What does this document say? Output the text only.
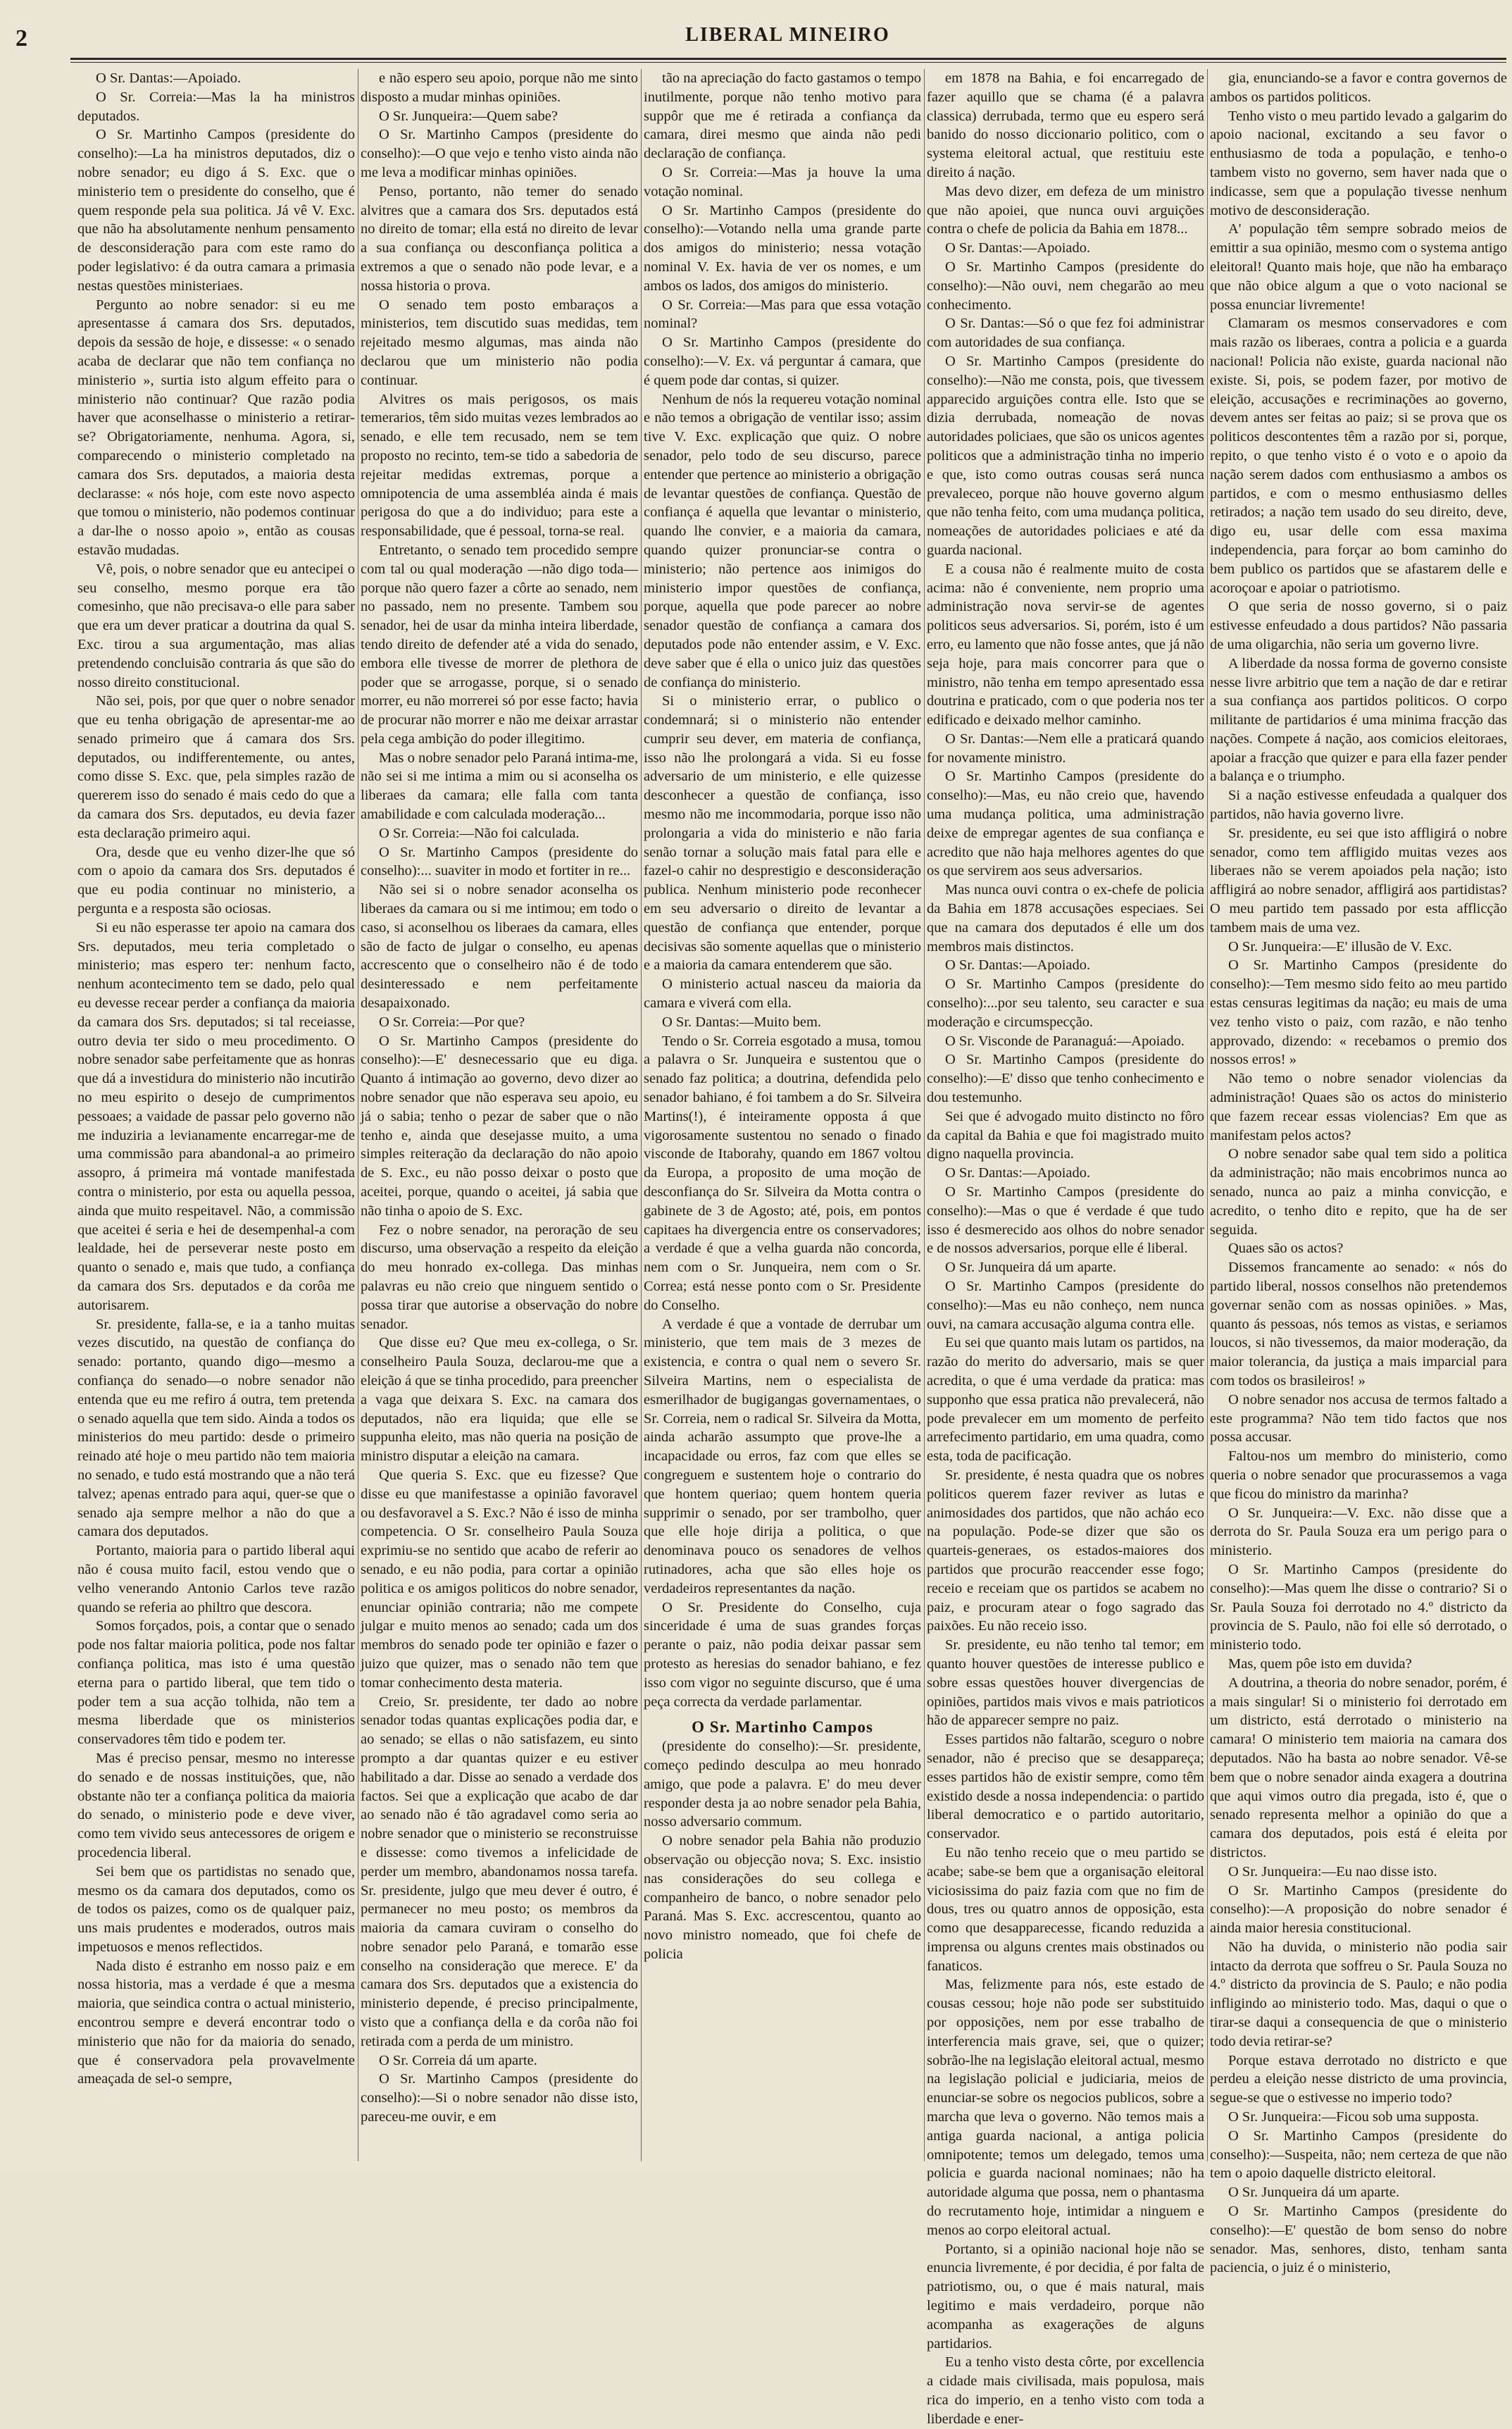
2	LIBERAL MINEIRO

O Sr. Dantas:—Apoiado.

O Sr. Correia:—Mas la ha ministros deputados.

O Sr. Martinho Campos (presidente do conselho):—La ha ministros deputados, diz o nobre senador; eu digo á S. Exc. que o ministerio tem o presidente do conselho, que é quem responde pela sua politica. Já vê V. Exc. que não ha absolutamente nenhum pensamento de desconsideração para com este ramo do poder legislativo: é da outra camara a primasia nestas questões ministeriaes.

Pergunto ao nobre senador: si eu me apresentasse á camara dos Srs. deputados, depois da sessão de hoje, e dissesse: « o senado acaba de declarar que não tem confiança no ministerio », surtia isto algum effeito para o ministerio não continuar? Que razão podia haver que aconselhasse o ministerio a retirar-se? Obrigatoriamente, nenhuma. Agora, si, comparecendo o ministerio completado na camara dos Srs. deputados, a maioria desta declarasse: « nós hoje, com este novo aspecto que tomou o ministerio, não podemos continuar a dar-lhe o nosso apoio », então as cousas estavão mudadas.

Vê, pois, o nobre senador que eu antecipei o seu conselho, mesmo porque era tão comesinho, que não precisava-o elle para saber que era um dever praticar a doutrina da qual S. Exc. tirou a sua argumentação, mas alias pretendendo concluisão contraria ás que são do nosso direito constitucional.

Não sei, pois, por que quer o nobre senador que eu tenha obrigação de apresentar-me ao senado primeiro que á camara dos Srs. deputados, ou indifferentemente, ou antes, como disse S. Exc. que, pela simples razão de quererem isso do senado é mais cedo do que a da camara dos Srs. deputados, eu devia fazer esta declaração primeiro aqui.

Ora, desde que eu venho dizer-lhe que só com o apoio da camara dos Srs. deputados é que eu podia continuar no ministerio, a pergunta e a resposta são ociosas.

Si eu não esperasse ter apoio na camara dos Srs. deputados, meu teria completado o ministerio; mas espero ter: nenhum facto, nenhum acontecimento tem se dado, pelo qual eu devesse recear perder a confiança da maioria da camara dos Srs. deputados; si tal receiasse, outro devia ter sido o meu procedimento. O nobre senador sabe perfeitamente que as honras que dá a investidura do ministerio não incutirão no meu espirito o desejo de cumprimentos pessoaes; a vaidade de passar pelo governo não me induziria a levianamente encarregar-me de uma commissão para abandonal-a ao primeiro assopro, á primeira má vontade manifestada contra o ministerio, por esta ou aquella pessoa, ainda que muito respeitavel. Não, a commissão que aceitei é seria e hei de desempenhal-a com lealdade, hei de perseverar neste posto em quanto o senado e, mais que tudo, a confiança da camara dos Srs. deputados e da corôa me autorisarem.

Sr. presidente, falla-se, e ia a tanho muitas vezes discutido, na questão de confiança do senado: portanto, quando digo—mesmo a confiança do senado—o nobre senador não entenda que eu me refiro á outra, tem pretenda o senado aquella que tem sido. Ainda a todos os ministerios do meu partido: desde o primeiro reinado até hoje o meu partido não tem maioria no senado, e tudo está mostrando que a não terá talvez; apenas entrado para aqui, quer-se que o senado aja sempre melhor a não do que a camara dos deputados.

Portanto, maioria para o partido liberal aqui não é cousa muito facil, estou vendo que o velho venerando Antonio Carlos teve razão quando se referia ao philtro que descora.

Somos forçados, pois, a contar que o senado pode nos faltar maioria politica, pode nos faltar confiança politica, mas isto é uma questão eterna para o partido liberal, que tem tido o poder tem a sua acção tolhida, não tem a mesma liberdade que os ministerios conservadores têm tido e podem ter.

Mas é preciso pensar, mesmo no interesse do senado e de nossas instituições, que, não obstante não ter a confiança politica da maioria do senado, o ministerio pode e deve viver, como tem vivido seus antecessores de origem e procedencia liberal.

Sei bem que os partidistas no senado que, mesmo os da camara dos deputados, como os de todos os paizes, como os de qualquer paiz, uns mais prudentes e moderados, outros mais impetuosos e menos reflectidos.

Nada disto é estranho em nosso paiz e em nossa historia, mas a verdade é que a mesma maioria, que seindica contra o actual ministerio, encontrou sempre e deverá encontrar todo o ministerio que não for da maioria do senado, que é conservadora pela provavelmente ameaçada de sel-o sempre,

e não espero seu apoio, porque não me sinto disposto a mudar minhas opiniões.

O Sr. Junqueira:—Quem sabe?

O Sr. Martinho Campos (presidente do conselho):—O que vejo e tenho visto ainda não me leva a modificar minhas opiniões.

Penso, portanto, não temer do senado alvitres que a camara dos Srs. deputados está no direito de tomar; ella está no direito de levar a sua confiança ou desconfiança politica a extremos a que o senado não pode levar, e a nossa historia o prova.

O senado tem posto embaraços a ministerios, tem discutido suas medidas, tem rejeitado mesmo algumas, mas ainda não declarou que um ministerio não podia continuar.

Alvitres os mais perigosos, os mais temerarios, têm sido muitas vezes lembrados ao senado, e elle tem recusado, nem se tem proposto no recinto, tem-se tido a sabedoria de rejeitar medidas extremas, porque a omnipotencia de uma assembléa ainda é mais perigosa do que a do individuo; para este a responsabilidade, que é pessoal, torna-se real.

Entretanto, o senado tem procedido sempre com tal ou qual moderação —não digo toda—porque não quero fazer a côrte ao senado, nem no passado, nem no presente. Tambem sou senador, hei de usar da minha inteira liberdade, tendo direito de defender até a vida do senado, embora elle tivesse de morrer de plethora de poder que se arrogasse, porque, si o senado morrer, eu não morrerei só por esse facto; havia de procurar não morrer e não me deixar arrastar pela cega ambição do poder illegitimo.

Mas o nobre senador pelo Paraná intima-me, não sei si me intima a mim ou si aconselha os liberaes da camara; elle falla com tanta amabilidade e com calculada moderação...

O Sr. Correia:—Não foi calculada.

O Sr. Martinho Campos (presidente do conselho):... suaviter in modo et fortiter in re...

Não sei si o nobre senador aconselha os liberaes da camara ou si me intimou; em todo o caso, si aconselhou os liberaes da camara, elles são de facto de julgar o conselho, eu apenas accrescento que o conselheiro não é de todo desinteressado e nem perfeitamente desapaixonado.

O Sr. Correia:—Por que?

O Sr. Martinho Campos (presidente do conselho):—E' desnecessario que eu diga. Quanto á intimação ao governo, devo dizer ao nobre senador que não esperava seu apoio, eu já o sabia; tenho o pezar de saber que o não tenho e, ainda que desejasse muito, a uma simples reiteração da declaração do não apoio de S. Exc., eu não posso deixar o posto que aceitei, porque, quando o aceitei, já sabia que não tinha o apoio de S. Exc.

Fez o nobre senador, na peroração de seu discurso, uma observação a respeito da eleição do meu honrado ex-collega. Das minhas palavras eu não creio que ninguem sentido o possa tirar que autorise a observação do nobre senador.

Que disse eu? Que meu ex-collega, o Sr. conselheiro Paula Souza, declarou-me que a eleição á que se tinha procedido, para preencher a vaga que deixara S. Exc. na camara dos deputados, não era liquida; que elle se suppunha eleito, mas não queria na posição de ministro disputar a eleição na camara.

Que queria S. Exc. que eu fizesse? Que disse eu que manifestasse a opinião favoravel ou desfavoravel a S. Exc.? Não é isso de minha competencia. O Sr. conselheiro Paula Souza exprimiu-se no sentido que acabo de referir ao senado, e eu não podia, para cortar a opinião politica e os amigos politicos do nobre senador, enunciar opinião contraria; não me compete julgar e muito menos ao senado; cada um dos membros do senado pode ter opinião e fazer o juizo que quizer, mas o senado não tem que tomar conhecimento desta materia.

Creio, Sr. presidente, ter dado ao nobre senador todas quantas explicações podia dar, e ao senado; se ellas o não satisfazem, eu sinto prompto a dar quantas quizer e eu estiver habilitado a dar. Disse ao senado a verdade dos factos. Sei que a explicação que acabo de dar ao senado não é tão agradavel como seria ao nobre senador que o ministerio se reconstruisse e dissesse: como tivemos a infelicidade de perder um membro, abandonamos nossa tarefa. Sr. presidente, julgo que meu dever é outro, é permanecer no meu posto; os membros da maioria da camara cuviram o conselho do nobre senador pelo Paraná, e tomarão esse conselho na consideração que merece. E' da camara dos Srs. deputados que a existencia do ministerio depende, é preciso principalmente, visto que a confiança della e da corôa não foi retirada com a perda de um ministro.

O Sr. Correia dá um aparte.

O Sr. Martinho Campos (presidente do conselho):—Si o nobre senador não disse isto, pareceu-me ouvir, e em

tão na apreciação do facto gastamos o tempo inutilmente, porque não tenho motivo para suppôr que me é retirada a confiança da camara, direi mesmo que ainda não pedi declaração de confiança.

O Sr. Correia:—Mas ja houve la uma votação nominal.

O Sr. Martinho Campos (presidente do conselho):—Votando nella uma grande parte dos amigos do ministerio; nessa votação nominal V. Ex. havia de ver os nomes, e um ambos os lados, dos amigos do ministerio.

O Sr. Correia:—Mas para que essa votação nominal?

O Sr. Martinho Campos (presidente do conselho):—V. Ex. vá perguntar á camara, que é quem pode dar contas, si quizer.

Nenhum de nós la requereu votação nominal e não temos a obrigação de ventilar isso; assim tive V. Exc. explicação que quiz. O nobre senador, pelo todo de seu discurso, parece entender que pertence ao ministerio a obrigação de levantar questões de confiança. Questão de confiança é aquella que levantar o ministerio, quando lhe convier, e a maioria da camara, quando quizer pronunciar-se contra o ministerio; não pertence aos inimigos do ministerio impor questões de confiança, porque, aquella que pode parecer ao nobre senador questão de confiança a camara dos deputados pode não entender assim, e V. Exc. deve saber que é ella o unico juiz das questões de confiança do ministerio.

Si o ministerio errar, o publico o condemnará; si o ministerio não entender cumprir seu dever, em materia de confiança, isso não lhe prolongará a vida. Si eu fosse adversario de um ministerio, e elle quizesse desconhecer a questão de confiança, isso mesmo não me incommodaria, porque isso não prolongaria a vida do ministerio e não faria senão tornar a solução mais fatal para elle e fazel-o cahir no desprestigio e desconsideração publica. Nenhum ministerio pode reconhecer em seu adversario o direito de levantar a questão de confiança que entender, porque decisivas são somente aquellas que o ministerio e a maioria da camara entenderem que são.

O ministerio actual nasceu da maioria da camara e viverá com ella.

O Sr. Dantas:—Muito bem.

Tendo o Sr. Correia esgotado a musa, tomou a palavra o Sr. Junqueira e sustentou que o senado faz politica; a doutrina, defendida pelo senador bahiano, é foi tambem a do Sr. Silveira Martins(!), é inteiramente opposta á que vigorosamente sustentou no senado o finado visconde de Itaborahy, quando em 1867 voltou da Europa, a proposito de uma moção de desconfiança do Sr. Silveira da Motta contra o gabinete de 3 de Agosto; até, pois, em pontos capitaes ha divergencia entre os conservadores; a verdade é que a velha guarda não concorda, nem com o Sr. Junqueira, nem com o Sr. Correa; está nesse ponto com o Sr. Presidente do Conselho.

A verdade é que a vontade de derrubar um ministerio, que tem mais de 3 mezes de existencia, e contra o qual nem o severo Sr. Silveira Martins, nem o especialista de esmerilhador de bugigangas governamentaes, o Sr. Correia, nem o radical Sr. Silveira da Motta, ainda acharão assumpto que prove-lhe a incapacidade ou erros, faz com que elles se congreguem e sustentem hoje o contrario do que hontem queriao; quem hontem queria supprimir o senado, por ser trambolho, quer que elle hoje dirija a politica, o que denominava pouco os senadores de velhos rutinadores, acha que são elles hoje os verdadeiros representantes da nação.

O Sr. Presidente do Conselho, cuja sinceridade é uma de suas grandes forças perante o paiz, não podia deixar passar sem protesto as heresias do senador bahiano, e fez isso com vigor no seguinte discurso, que é uma peça correcta da verdade parlamentar.

O Sr. Martinho Campos

(presidente do conselho):—Sr. presidente, começo pedindo desculpa ao meu honrado amigo, que pode a palavra. E' do meu dever responder desta ja ao nobre senador pela Bahia, nosso adversario commum.

O nobre senador pela Bahia não produzio observação ou objecção nova; S. Exc. insistio nas considerações do seu collega e companheiro de banco, o nobre senador pelo Paraná. Mas S. Exc. accrescentou, quanto ao novo ministro nomeado, que foi chefe de policia

em 1878 na Bahia, e foi encarregado de fazer aquillo que se chama (é a palavra classica) derrubada, termo que eu espero será banido do nosso diccionario politico, com o systema eleitoral actual, que restituiu este direito á nação.

Mas devo dizer, em defeza de um ministro que não apoiei, que nunca ouvi arguições contra o chefe de policia da Bahia em 1878...

O Sr. Dantas:—Apoiado.

O Sr. Martinho Campos (presidente do conselho):—Não ouvi, nem chegarão ao meu conhecimento.

O Sr. Dantas:—Só o que fez foi administrar com autoridades de sua confiança.

O Sr. Martinho Campos (presidente do conselho):—Não me consta, pois, que tivessem apparecido arguições contra elle. Isto que se dizia derrubada, nomeação de novas autoridades policiaes, que são os unicos agentes politicos que a administração tinha no imperio e que, isto como outras cousas será nunca prevaleceo, porque não houve governo algum que não tenha feito, com uma mudança politica, nomeações de autoridades policiaes e até da guarda nacional.

E a cousa não é realmente muito de costa acima: não é conveniente, nem proprio uma administração nova servir-se de agentes politicos seus adversarios. Si, porém, isto é um erro, eu lamento que não fosse antes, que já não seja hoje, para mais concorrer para que o ministro, não tenha em tempo apresentado essa doutrina e praticado, com o que poderia nos ter edificado e deixado melhor caminho.

O Sr. Dantas:—Nem elle a praticará quando for novamente ministro.

O Sr. Martinho Campos (presidente do conselho):—Mas, eu não creio que, havendo uma mudança politica, uma administração deixe de empregar agentes de sua confiança e acredito que não haja melhores agentes do que os que servirem aos seus adversarios.

Mas nunca ouvi contra o ex-chefe de policia da Bahia em 1878 accusações especiaes. Sei que na camara dos deputados é elle um dos membros mais distinctos.

O Sr. Dantas:—Apoiado.

O Sr. Martinho Campos (presidente do conselho):...por seu talento, seu caracter e sua moderação e circumspecção.

O Sr. Visconde de Paranaguá:—Apoiado.

O Sr. Martinho Campos (presidente do conselho):—E' disso que tenho conhecimento e dou testemunho.

Sei que é advogado muito distincto no fôro da capital da Bahia e que foi magistrado muito digno naquella provincia.

O Sr. Dantas:—Apoiado.

O Sr. Martinho Campos (presidente do conselho):—Mas o que é verdade é que tudo isso é desmerecido aos olhos do nobre senador e de nossos adversarios, porque elle é liberal.

O Sr. Junqueira dá um aparte.

O Sr. Martinho Campos (presidente do conselho):—Mas eu não conheço, nem nunca ouvi, na camara accusação alguma contra elle.

Eu sei que quanto mais lutam os partidos, na razão do merito do adversario, mais se quer acredita, o que é uma verdade da pratica: mas supponho que essa pratica não prevalecerá, não pode prevalecer em um momento de perfeito arrefecimento partidario, em uma quadra, como esta, toda de pacificação.

Sr. presidente, é nesta quadra que os nobres politicos querem fazer reviver as lutas e animosidades dos partidos, que não acháo eco na população. Pode-se dizer que são os quarteis-generaes, os estados-maiores dos partidos que procurão reaccender esse fogo; receio e receiam que os partidos se acabem no paiz, e procuram atear o fogo sagrado das paixões. Eu não receio isso.

Sr. presidente, eu não tenho tal temor; em quanto houver questões de interesse publico e sobre essas questões houver divergencias de opiniões, partidos mais vivos e mais patrioticos hão de apparecer sempre no paiz.

Esses partidos não faltarão, sceguro o nobre senador, não é preciso que se desappareça; esses partidos hão de existir sempre, como têm existido desde a nossa independencia: o partido liberal democratico e o partido autoritario, conservador.

Eu não tenho receio que o meu partido se acabe; sabe-se bem que a organisação eleitoral viciosissima do paiz fazia com que no fim de dous, tres ou quatro annos de opposição, esta como que desapparecesse, ficando reduzida a imprensa ou alguns crentes mais obstinados ou fanaticos.

Mas, felizmente para nós, este estado de cousas cessou; hoje não pode ser substituido por opposições, nem por esse trabalho de interferencia mais grave, sei, que o quizer; sobrão-lhe na legislação eleitoral actual, mesmo na legislação policial e judiciaria, meios de enunciar-se sobre os negocios publicos, sobre a marcha que leva o governo. Não temos mais a antiga guarda nacional, a antiga policia omnipotente; temos um delegado, temos uma policia e guarda nacional nominaes; não ha autoridade alguma que possa, nem o phantasma do recrutamento hoje, intimidar a ninguem e menos ao corpo eleitoral actual.

Portanto, si a opinião nacional hoje não se enuncia livremente, é por decidia, é por falta de patriotismo, ou, o que é mais natural, mais legitimo e mais verdadeiro, porque não acompanha as exagerações de alguns partidarios.

Eu a tenho visto desta côrte, por excellencia a cidade mais civilisada, mais populosa, mais rica do imperio, en a tenho visto com toda a liberdade e ener-

gia, enunciando-se a favor e contra governos de ambos os partidos politicos.

Tenho visto o meu partido levado a galgarim do apoio nacional, excitando a seu favor o enthusiasmo de toda a população, e tenho-o tambem visto no governo, sem haver nada que o indicasse, sem que a população tivesse nenhum motivo de desconsideração.

A' população têm sempre sobrado meios de emittir a sua opinião, mesmo com o systema antigo eleitoral! Quanto mais hoje, que não ha embaraço que não obice algum a que o voto nacional se possa enunciar livremente!

Clamaram os mesmos conservadores e com mais razão os liberaes, contra a policia e a guarda nacional! Policia não existe, guarda nacional não existe. Si, pois, se podem fazer, por motivo de eleição, accusações e recriminações ao governo, devem antes ser feitas ao paiz; si se prova que os politicos descontentes têm a razão por si, porque, repito, o que tenho visto é o voto e o apoio da nação serem dados com enthusiasmo a ambos os partidos, e com o mesmo enthusiasmo delles retirados; a nação tem usado do seu direito, deve, digo eu, usar delle com essa maxima independencia, para forçar ao bom caminho do bem publico os partidos que se afastarem delle e acoroçoar e apoiar o patriotismo.

O que seria de nosso governo, si o paiz estivesse enfeudado a dous partidos? Não passaria de uma oligarchia, não seria um governo livre.

A liberdade da nossa forma de governo consiste nesse livre arbitrio que tem a nação de dar e retirar a sua confiança aos partidos politicos. O corpo militante de partidarios é uma minima fracção das nações. Compete á nação, aos comicios eleitoraes, apoiar a fracção que quizer e para ella fazer pender a balança e o triumpho.

Si a nação estivesse enfeudada a qualquer dos partidos, não havia governo livre.

Sr. presidente, eu sei que isto affligirá o nobre senador, como tem affligido muitas vezes aos liberaes não se verem apoiados pela nação; isto affligirá ao nobre senador, affligirá aos partidistas? O meu partido tem passado por esta afflicção tambem mais de uma vez.

O Sr. Junqueira:—E' illusão de V. Exc.

O Sr. Martinho Campos (presidente do conselho):—Tem mesmo sido feito ao meu partido estas censuras legitimas da nação; eu mais de uma vez tenho visto o paiz, com razão, e não tenho approvado, dizendo: « recebamos o premio dos nossos erros! »

Não temo o nobre senador violencias da administração! Quaes são os actos do ministerio que fazem recear essas violencias? Em que as manifestam pelos actos?

O nobre senador sabe qual tem sido a politica da administração; não mais encobrimos nunca ao senado, nunca ao paiz a minha convicção, e acredito, o tenho dito e repito, que ha de ser seguida.

Quaes são os actos?

Dissemos francamente ao senado: « nós do partido liberal, nossos conselhos não pretendemos governar senão com as nossas opiniões. » Mas, quanto ás pessoas, nós temos as vistas, e seriamos loucos, si não tivessemos, da maior moderação, da maior tolerancia, da justiça a mais imparcial para com todos os brasileiros! »

O nobre senador nos accusa de termos faltado a este programma? Não tem tido factos que nos possa accusar.

Faltou-nos um membro do ministerio, como queria o nobre senador que procurassemos a vaga que ficou do ministro da marinha?

O Sr. Junqueira:—V. Exc. não disse que a derrota do Sr. Paula Souza era um perigo para o ministerio.

O Sr. Martinho Campos (presidente do conselho):—Mas quem lhe disse o contrario? Si o Sr. Paula Souza foi derrotado no 4.º districto da provincia de S. Paulo, não foi elle só derrotado, o ministerio todo.

Mas, quem pôe isto em duvida?

A doutrina, a theoria do nobre senador, porém, é a mais singular! Si o ministerio foi derrotado em um districto, está derrotado o ministerio na camara! O ministerio tem maioria na camara dos deputados. Não ha basta ao nobre senador. Vê-se bem que o nobre senador ainda exagera a doutrina que aqui vimos outro dia pregada, isto é, que o senado representa melhor a opinião do que a camara dos deputados, pois está é eleita por districtos.

O Sr. Junqueira:—Eu nao disse isto.

O Sr. Martinho Campos (presidente do conselho):—A proposição do nobre senador é ainda maior heresia constitucional.

Não ha duvida, o ministerio não podia sair intacto da derrota que soffreu o Sr. Paula Souza no 4.º districto da provincia de S. Paulo; e não podia infligindo ao ministerio todo. Mas, daqui o que o tirar-se daqui a consequencia de que o ministerio todo devia retirar-se?

Porque estava derrotado no districto e que perdeu a eleição nesse districto de uma provincia, segue-se que o estivesse no imperio todo?

O Sr. Junqueira:—Ficou sob uma supposta.

O Sr. Martinho Campos (presidente do conselho):—Suspeita, não; nem certeza de que não tem o apoio daquelle districto eleitoral.

O Sr. Junqueira dá um aparte.

O Sr. Martinho Campos (presidente do conselho):—E' questão de bom senso do nobre senador. Mas, senhores, disto, tenham santa paciencia, o juiz é o ministerio,
